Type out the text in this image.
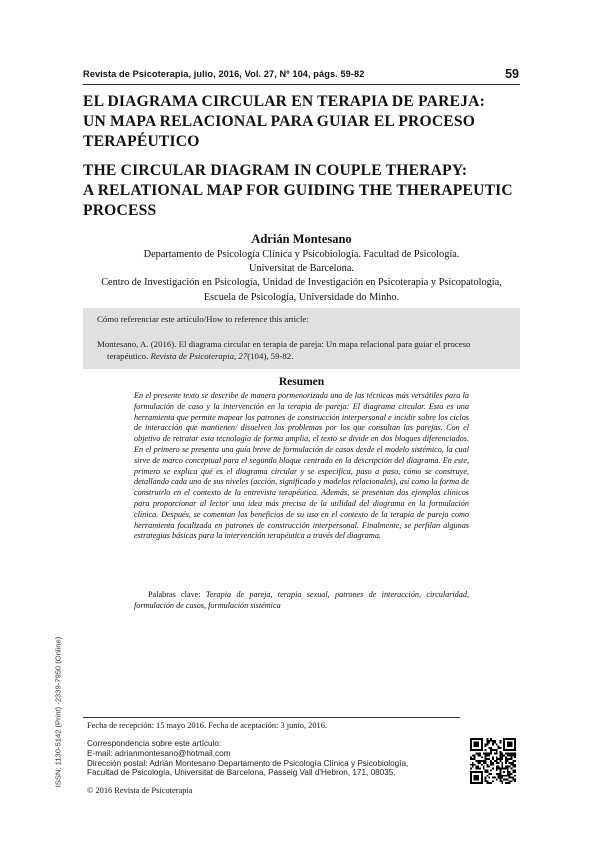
Revista de Psicoterapia, julio, 2016, Vol. 27, Nº 104, págs. 59-82	59
EL DIAGRAMA CIRCULAR EN TERAPIA DE PAREJA:
UN MAPA RELACIONAL PARA GUIAR EL PROCESO
TERAPÉUTICO
THE CIRCULAR DIAGRAM IN COUPLE THERAPY:
A RELATIONAL MAP FOR GUIDING THE THERAPEUTIC
PROCESS
Adrián Montesano
Departamento de Psicología Clínica y Psicobiología. Facultad de Psicología.
Universitat de Barcelona.
Centro de Investigación en Psicología, Unidad de Investigación en Psicoterapia y Psicopatología,
Escuela de Psicología, Universidade do Minho.
Cómo referenciar este artículo/How to reference this article:

Montesano, A. (2016). El diagrama circular en terapia de pareja: Un mapa relacional para guiar el proceso

terapéutico. Revista de Psicoterapia, 27(104), 59-82.

Resumen
En el presente texto se describe de manera pormenorizada una de las técnicas más versátiles para la formulación de caso y la intervención en la terapia de pareja: El diagrama circular. Esta es una herramienta que permite mapear los patrones de construcción interpersonal e incidir sobre los ciclos de interacción que mantienen/ disuelven los problemas por los que consultan las parejas. Con el objetivo de retratar esta tecnología de forma amplia, el texto se divide en dos bloques diferenciados. En el primero se presenta una guía breve de formulación de casos desde el modelo sistémico, la cual sirve de marco conceptual para el segundo bloque centrado en la descripción del diagrama. En este, primero se explica qué es el diagrama circular y se especifica, paso a paso, cómo se construye, detallando cada uno de sus niveles (acción, significado y modelos relacionales), así como la forma de construirlo en el contexto de la entrevista terapéutica. Además, se presentan dos ejemplos clínicos para proporcionar al lector una idea más precisa de la utilidad del diagrama en la formulación clínica. Después, se comentan los beneficios de su uso en el contexto de la terapia de pareja como herramienta focalizada en patrones de construcción interpersonal. Finalmente, se perfilan algunas estrategias básicas para la intervención terapéutica a través del diagrama.
Palabras clave: Terapia de pareja, terapia sexual, patrones de interacción, circularidad, formulación de casos, formulación sistémica
ISSN: 1130-5142 (Print) -2339-7950 (Online)	Fecha de recepción: 15 mayo 2016. Fecha de aceptación: 3 junio, 2016.
Correspondencia sobre este artículo:
E-mail: adrianmontesano@hotmail.com
Dirección postal: Adrián Montesano Departamento de Psicología Clínica y Psicobiología,
Facultad de Psicología, Universitat de Barcelona, Passeig Vall d'Hebron, 171, 08035.
© 2016 Revista de Psicoterapia
